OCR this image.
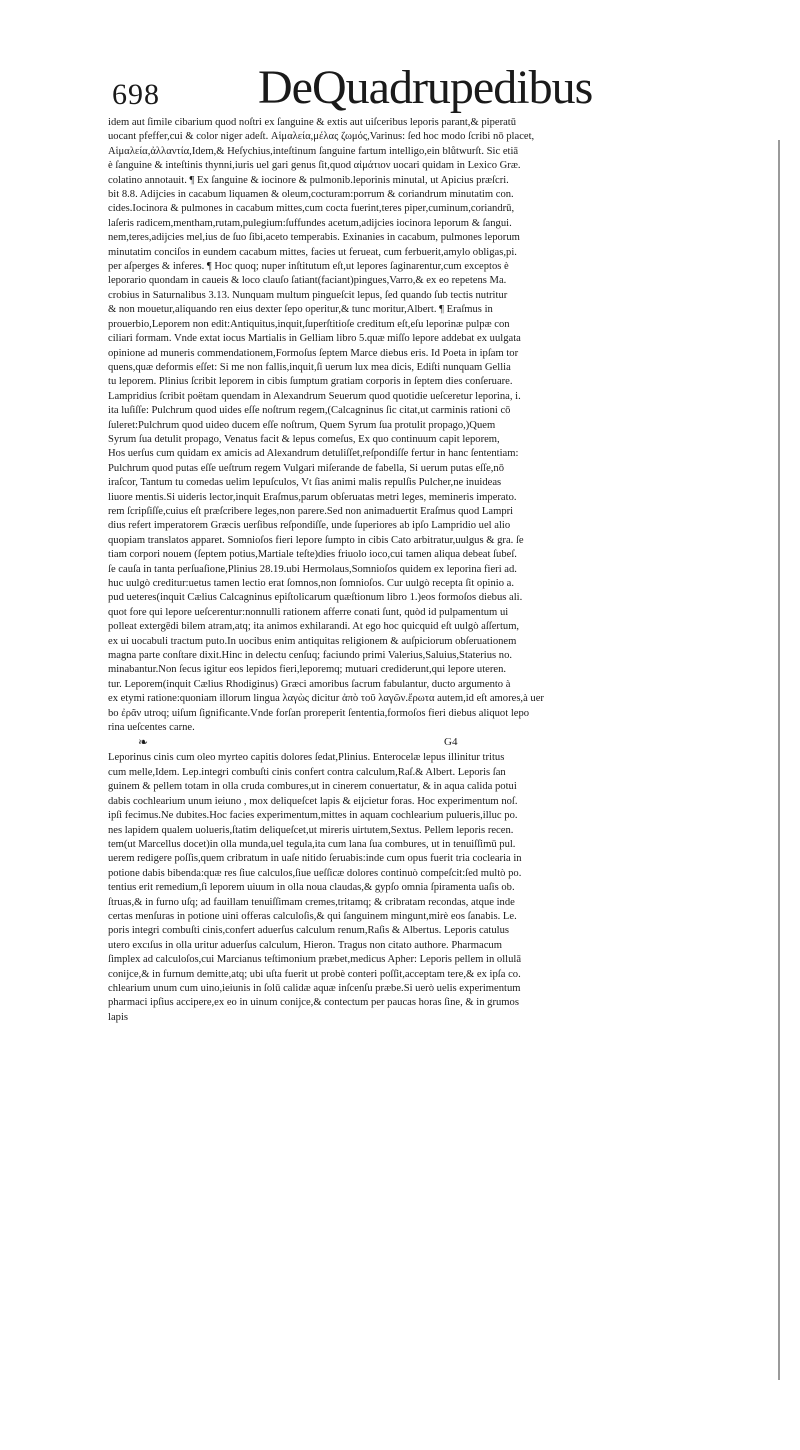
698 DeQuadrupedibus
idem aut ſimile cibarium quod noſtri ex ſanguine & extis aut uiſceribus leporis parant,& piperatū
uocant pfeffer,cui & color niger adeſt. Αἱμαλεία,μέλας ζωμός,Varinus: ſed hoc modo ſcribi nō placet,
Αἱμαλεία,ἀλλαντία,Idem,& Heſychius,inteſtinum ſanguine fartum intelligo,ein blůtwurſt. Sic etiā
è ſanguine & inteſtinis thynni,iuris uel gari genus ſit,quod αἱμάτιον uocari quidam in Lexico Græ.
colatino annotauit. ¶ Ex ſanguine & iocinore & pulmonib.leporinis minutal, ut Apicius præſcri.
bit 8.8. Adijcies in cacabum liquamen & oleum,cocturam:porrum & coriandrum minutatim con.
cides.Iocinora & pulmones in cacabum mittes,cum cocta fuerint,teres piper,cuminum,coriandrū,
laſeris radicem,mentham,rutam,pulegium:ſuffundes acetum,adijcies iocinora leporum & ſangui.
nem,teres,adijcies mel,ius de ſuo ſibi,aceto temperabis. Exinanies in cacabum, pulmones leporum
minutatim conciſos in eundem cacabum mittes, facies ut ferueat, cum ferbuerit,amylo obligas,pi.
per aſperges & inferes. ¶ Hoc quoq; nuper inſtitutum eſt,ut lepores ſaginarentur,cum exceptos è
leporario quondam in caueis & loco clauſo ſatiant(faciant)pingues,Varro,& ex eo repetens Ma.
crobius in Saturnalibus 3.13. Nunquam multum pingueſcit lepus, ſed quando ſub tectis nutritur
& non mouetur,aliquando ren eius dexter ſepo operitur,& tunc moritur,Albert. ¶ Eraſmus in
prouerbio,Leporem non edit:Antiquitus,inquit,ſuperſtitioſe creditum eſt,eſu leporinæ pulpæ con
ciliari formam. Vnde extat iocus Martialis in Gelliam libro 5.quæ miſſo lepore addebat ex uulgata
opinione ad muneris commendationem,Formoſus ſeptem Marce diebus eris. Id Poeta in ipſam tor
quens,quæ deformis eſſet: Si me non fallis,inquit,ſi uerum lux mea dicis, Ediſti nunquam Gellia
tu leporem. Plinius ſcribit leporem in cibis ſumptum gratiam corporis in ſeptem dies conſeruare.
Lampridius ſcribit poëtam quendam in Alexandrum Seuerum quod quotidie ueſceretur leporina, i.
ita luſiſſe: Pulchrum quod uides eſſe noſtrum regem,(Calcagninus ſic citat,ut carminis rationi cō
ſuleret:Pulchrum quod uideo ducem eſſe noſtrum, Quem Syrum ſua protulit propago,)Quem
Syrum ſua detulit propago, Venatus facit & lepus comeſus, Ex quo continuum capit leporem,
Hos uerſus cum quidam ex amicis ad Alexandrum detuliſſet,reſpondiſſe fertur in hanc ſententiam:
Pulchrum quod putas eſſe ueſtrum regem Vulgari miſerande de fabella, Si uerum putas eſſe,nō
iraſcor, Tantum tu comedas uelim lepuſculos, Vt ſias animi malis repulſis Pulcher,ne inuideas
liuore mentis.Si uideris lector,inquit Eraſmus,parum obſeruatas metri leges, memineris imperato.
rem ſcripſiſſe,cuius eſt præſcribere leges,non parere.Sed non animaduertit Eraſmus quod Lampri
dius refert imperatorem Græcis uerſibus reſpondiſſe, unde ſuperiores ab ipſo Lampridio uel alio
quopiam translatos apparet. Somnioſos fieri lepore ſumpto in cibis Cato arbitratur,uulgus & gra. ſe
tiam corpori nouem (ſeptem potius,Martiale teſte)dies friuolo ioco,cui tamen aliqua debeat ſubeſ.
ſe cauſa in tanta perſuaſione,Plinius 28.19.ubi Hermolaus,Somnioſos quidem ex leporina fieri ad.
huc uulgò creditur:uetus tamen lectio erat ſomnos,non ſomnioſos. Cur uulgò recepta ſit opinio a.
pud ueteres(inquit Cælius Calcagninus epiſtolicarum quæſtionum libro 1.)eos formoſos diebus ali.
quot fore qui lepore ueſcerentur:nonnulli rationem afferre conati ſunt, quòd id pulpamentum ui
polleat extergēdi bilem atram,atq; ita animos exhilarandi. At ego hoc quicquid eſt uulgò aſſertum,
ex ui uocabuli tractum puto.In uocibus enim antiquitas religionem & auſpiciorum obſeruationem
magna parte conſtare dixit.Hinc in delectu cenſuq; faciundo primi Valerius,Saluius,Staterius no.
minabantur.Non ſecus igitur eos lepidos fieri,leporemq; mutuari crediderunt,qui lepore uteren.
tur. Leporem(inquit Cælius Rhodiginus) Græci amoribus ſacrum fabulantur, ducto argumento à
ex etymi ratione:quoniam illorum lingua λαγὼς dicitur ἀπὸ τοῦ λαγῶν.ἔρωτα autem,id eſt amores,à uer
bo ἐρᾶν utroq; uiſum ſignificante.Vnde forſan proreperit ſententia,formoſos fieri diebus aliquot lepo
rina ueſcentes carne.
❧	G4
Leporinus cinis cum oleo myrteo capitis dolores ſedat,Plinius. Enterocelæ lepus illinitur tritus
cum melle,Idem. Lep.integri combuſti cinis confert contra calculum,Raſ.& Albert. Leporis ſan
guinem & pellem totam in olla cruda combures,ut in cinerem conuertatur, & in aqua calida potui
dabis cochlearium unum ieiuno , mox deliqueſcet lapis & eijcietur foras. Hoc experimentum noſ.
ipſi fecimus.Ne dubites.Hoc facies experimentum,mittes in aquam cochlearium pulueris,illuc po.
nes lapidem qualem uolueris,ſtatim deliqueſcet,ut mireris uirtutem,Sextus. Pellem leporis recen.
tem(ut Marcellus docet)in olla munda,uel tegula,ita cum lana ſua combures, ut in tenuiſſimū pul.
uerem redigere poſſis,quem cribratum in uaſe nitido ſeruabis:inde cum opus fuerit tria coclearia in
potione dabis bibenda:quæ res ſiue calculos,ſiue ueſſicæ dolores continuò compeſcit:ſed multò po.
tentius erit remedium,ſi leporem uiuum in olla noua claudas,& gypſo omnia ſpiramenta uaſis ob.
ſtruas,& in furno uſq; ad fauillam tenuiſſimam cremes,tritamq; & cribratam recondas, atque inde
certas menſuras in potione uini offeras calculoſis,& qui ſanguinem mingunt,mirè eos ſanabis. Le.
poris integri combuſti cinis,confert aduerſus calculum renum,Raſis & Albertus. Leporis catulus
utero excıſus in olla uritur aduerſus calculum, Hieron. Tragus non citato authore. Pharmacum
ſimplex ad calculoſos,cui Marcianus teſtimonium præbet,medicus Apher: Leporis pellem in ollulā
conijce,& in furnum demitte,atq; ubi uſta fuerit ut probè conteri poſſit,acceptam tere,& ex ipſa co.
chlearium unum cum uino,ieiunis in ſolū calidæ aquæ inſcenſu præbe.Si uerò uelis experimentum
pharmaci ipſius accipere,ex eo in uinum conijce,& contectum per paucas horas ſine, & in grumos
lapis
